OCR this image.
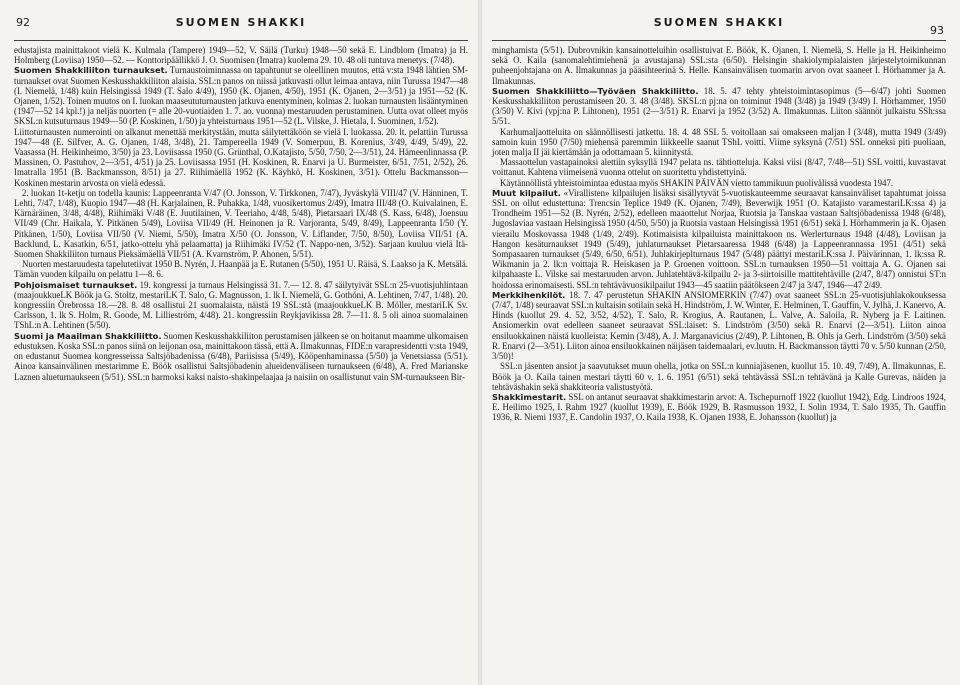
92	SUOMEN SHAKKI

edustajista mainittakoot vielä K. Kulmala (Tampere) 1949—52, V. Säilä (Turku) 1948—50 sekä E. Lindblom (Imatra) ja H. Holmberg (Loviisa) 1950—52. — Konttoripäällikkö J. O. Suomisen (Imatra) kuolema 29. 10. 48 oli tuntuva menetys. (7/48).

Suomen Shakkiliiton turnaukset. Turnaustoiminnassa on tapahtunut se oleellinen muutos, että v:sta 1948 lähtien SM-turnaukset ovat Suomen Keskusshakkiliiton alaisia. SSL:n panos on niissä jatkuvasti ollut leimaa antava, niin Turussa 1947—48 (I. Niemelä, 1/48) kuin Helsingissä 1949 (T. Salo 4/49), 1950 (K. Ojanen, 4/50), 1951 (K. Ojanen, 2—3/51) ja 1951—52 (K. Ojanen, 1/52). Toinen muutos on I. luokan maaseututurnausten jatkuva enentyminen, kolmas 2. luokan turnausten lisääntyminen (1947—52 14 kpl.!) ja neljäs nuorten (= alle 20-vuotiaiden 1. 7. ao. vuonna) mestaruuden perustaminen. Uutta ovat olleet myös SKSL:n kutsuturnaus 1949—50 (P. Koskinen, 1/50) ja yhteisturnaus 1951—52 (L. Vilske, J. Hietala, I. Suominen, 1/52).

Liittoturnausten numerointi on alkanut menettää merkitystään, mutta säilytettäköön se vielä I. luokassa. 20. lt. pelattiin Turussa 1947—48 (E. Silfver, A. G. Ojanen, 1/48, 3/48), 21. Tampereella 1949 (V. Somerpuu, B. Korenius, 3/49, 4/49, 5/49), 22. Vaasassa (H. Heikinheimo, 3/50) ja 23. Loviisassa 1950 (G. Grünthal, O.Katajisto, 5/50, 7/50, 2—3/51), 24. Hämeenlinnassa (P. Massinen, O. Pastuhov, 2—3/51, 4/51) ja 25. Loviisassa 1951 (H. Koskinen, R. Enarvi ja U. Burmeister, 6/51, 7/51, 2/52), 26. Imatralla 1951 (B. Backmansson, 8/51) ja 27. Riihimäellä 1952 (K. Käyhkö, H. Koskinen, 3/51). Ottelu Backmansson—Koskinen mestarin arvosta on vielä edessä.

2. luokan 1t-ketju on todella kaunis: Lappeenranta V/47 (O. Jonsson, V. Tirkkonen, 7/47), Jyväskylä VIII/47 (V. Hänninen, T. Lehti, 7/47, 1/48), Kuopio 1947—48 (H. Karjalainen, R. Puhakka, 1/48, vuosikertomus 2/49), Imatra III/48 (O. Kuivalainen, E. Kärnäräinen, 3/48, 4/48), Riihimäki V/48 (E. Juutilainen, V. Teeriaho, 4/48, 5/48), Pietarsaari IX/48 (S. Kass, 6/48), Joensuu VII/49 (Chr. Haikala, Y. Pitkänen 5/49), Loviisa VII/49 (H. Heinonen ja R. Varjoranta, 5/49, 8/49), Lappeenranta I/50 (Y. Pitkänen, 1/50), Loviisa VII/50 (V. Niemi, 5/50), Imatra X/50 (O. Jonsson, V. Liflander, 7/50, 8/50), Loviisa VII/51 (A. Backlund, L. Kasatkin, 6/51, jatko-ottelu yhä pelaamatta) ja Riihimäki IV/52 (T. Nappo-nen, 3/52). Sarjaan kuuluu vielä Itä-Suomen Shakkiliiton turnaus Pieksämäellä VII/51 (A. Kvarnström, P. Ahonen, 5/51).

Nuorten mestaruudesta tapelutetiivat 1950 B. Nyrén, J. Haanpää ja E. Rutanen (5/50), 1951 U. Räisä, S. Laakso ja K. Metsälä. Tämän vuoden kilpailu on pelattu 1—8. 6.

Pohjoismaiset turnaukset. 19. kongressi ja turnaus Helsingissä 31. 7.— 12. 8. 47 säilytyivät SSL:n 25-vuotisjuhlintaan (maajoukkueLK Böök ja G. Stoltz, mestariLK T. Salo, G. Magnusson, 1. lk I. Niemelä, G. Gothóni, A. Lehtinen, 7/47, 1/48). 20. kongressiin Örebrossa 18.—28. 8. 48 osallistui 21 suomalaista, näistä 19 SSL:stä (maajoukkueLK B. Möller, mestariLK Sv. Carlsson, 1. lk S. Holm, R. Goode, M. Lillieström, 4/48). 21. kongressiin Reykjavikissa 28. 7—11. 8. 5 oli ainoa suomalainen TShL:n A. Lehtinen (5/50).

Suomi ja Maailman Shakkiliitto. Suomen Keskusshakkiliiton perustamisen jälkeen se on hoitanut maamme ulkomaisen edustuksen. Koska SSL:n panos siinä on leijonan osa, mainittakoon tässä, että A. Ilmakunnas, FIDE:n varapresidentti v:sta 1949, on edustanut Suomea kongresseissa Saltsjöbadenissa (6/48), Pariisissa (5/49), Kööpenhaminassa (5/50) ja Venetsiassa (5/51). Ainoa kansainvälinen mestarimme E. Böök osallistui Saltsjöbadenin alueidenväliseen turnaukseen (6/48), A. Fred Marianske Laznen alueturnaukseen (5/51). SSL:n harmoksi kaksi naisto-shakinpelaajaa ja naisiin on osallistunut vain SM-turnaukseen Bir-

SUOMEN SHAKKI
93

minghamista (5/51). Dubrovnikin kansainotteluihin osallistuivat E. Böök, K. Ojanen, I. Niemelä, S. Helle ja H. Heikinheimo sekä O. Kaila (sanomalehtimiehenä ja avustajana) SSL:sta (6/50). Helsingin shakiolympialaisten järjestelytoimikunnan puheenjohtajana on A. Ilmakunnas ja pääsihteerinä S. Helle. Kansainvälisen tuomarin arvon ovat saaneet I. Hörhammer ja A. Ilmakunnas.

Suomen Shakkiliitto—Työväen Shakkiliitto. 18. 5. 47 tehty yhteistoimintasopimus (5—6/47) johti Suomen Keskusshakkiliiton perustamiseen 20. 3. 48 (3/48). SKSL:n pj:na on toiminut 1948 (3/48) ja 1949 (3/49) I. Hörhammer, 1950 (3/50) V. Kivi (vpj:na P. Lihtonen), 1951 (2—3/51) R. Enarvi ja 1952 (3/52) A. Ilmakunnas. Liiton säännöt julkaistu SSh:ssa 5/51.

Karhumaljaotteluita on säännöllisesti jatkettu. 18. 4. 48 SSL 5. voitollaan sai omakseen maljan I (3/48), mutta 1949 (3/49) samoin kuin 1950 (7/50) miehensä paremmin liikkeelle saanut TShL voitti. Viime syksynä (7/51) SSL onneksi piti puoliaan, joten malja II jäi kiertämään ja odottamaan 5. kiinnitystä.

Massaottelun vastapainoksi alettiin syksyllä 1947 pelata ns. tähtiotteluja. Kaksi viisi (8/47, 7/48—51) SSL voitti, kuvastavat voittanut. Kahtena viimeisenä vuonna ottelut on suoritettu yhdistettyinä.

Käytännöllistä yhteistoimintaa edustaa myös SHAKIN PÄIVÄN vietto tammikuun puolivälissä vuodesta 1947.

Muut kilpailut. «Virallisten» kilpailujen lisäksi sisällytyvät 5-vuotiskauteemme seuraavat kansainväliset tapahtumat joissa SSL on ollut edustettuna: Trencsin Teplice 1949 (K. Ojanen, 7/49), Beverwijk 1951 (O. Katajisto varamestariLK:ssa 4) ja Trondheim 1951—52 (B. Nyrén, 2/52), edelleen maaottelut Norjaa, Ruotsia ja Tanskaa vastaan Saltsjöbadenissa 1948 (6/48), Jugoslaviaa vastaan Helsingissä 1950 (4/50, 5/50) ja Ruotsia vastaan Helsingissä 1951 (6/51) sekä I. Hörhammerin ja K. Ojasen vierailu Moskovassa 1948 (1/49, 2/49). Kotimaisista kilpailuista mainittakoon ns. Werlerturnaus 1948 (4/48), Loviisan ja Hangon kesäturnaukset 1949 (5/49), juhlaturnaukset Pietarsaaressa 1948 (6/48) ja Lappeenrannassa 1951 (4/51) sekä Sompasaaren turnaukset (5/49, 6/50, 6/51). Juhlakirjeplturnaus 1947 (5/48) päättyi mestariLK:ssa J. Päivärinnan, 1. lk:ssa R. Wikmanin ja 2. lk:n voittaja R. Heiskasen ja P. Groenen voittoon. SSL:n turnauksen 1950—51 voittaja A. G. Ojanen sai kilpahaaste L. Vilske sai mestaruuden arvon. Juhlatehtävä-kilpailu 2- ja 3-siirtoisille mattitehtäville (2/47, 8/47) onnistui ST:n hoidossa erinomaisesti. SSL:n tehtävävuosikilpailut 1943—45 saatiin päätökseen 2/47 ja 3/47, 1946—47 2/49.

Merkkihenkilöt. 18. 7. 47 perustetun SHAKIN ANSIOMERKIN (7/47) ovat saaneet SSL:n 25-vuotisjuhlakokouksessa (7/47, 1/48) seuraavat SSL:n kultaisin sotilain sekä H. Hindström, J. W. Winter, E. Helminen, T. Gauffin, V. Jylhä, J. Kanervo, A. Hinds (kuollut 29. 4. 52, 3/52, 4/52), T. Salo, R. Krogius, A. Rautanen, L. Valve, A. Saloila, R. Nyberg ja F. Laitinen. Ansiomerkin ovat edelleen saaneet seuraavat SSL:laiset: S. Lindström (3/50) sekä R. Enarvi (2—3/51). Liiton ainoa ensiluokkainen näistä kuolleista: Kemin (3/48), A. J. Marganavicius (2/49), P. Lihtonen, B. Ohls ja Gerh. Lindström (3/50) sekä R. Enarvi (2—3/51). Liiton ainoa ensiluokkainen näijäsen taidemaalari, ev.luutn. H. Backmansson täytti 70 v. 5/50 kunnan (2/50, 3/50)!

SSL:n jäsenten ansiot ja saavutukset muun ohella, jotka on SSL:n kunniajäsenen, kuollut 15. 10. 49, 7/49), A. Ilmakunnas, E. Böök ja O. Kaila tainen mestari täytti 60 v. 1. 6. 1951 (6/51) sekä tehtävässä SSL:n tehtävänä ja Kalle Gurevas, näiden ja tehtäväshakin sekä shakkiteoria valistustyötä.

Shakkimestarit. SSL on antanut seuraavat shakkimestarin arvot: A. Tschepurnoff 1922 (kuollut 1942), Edg. Lindroos 1924, E. Heilimo 1925, I. Rahm 1927 (kuollut 1939), E. Böök 1929, B. Rasmusson 1932, I. Solin 1934, T. Salo 1935, Th. Gauffin 1936, R. Niemi 1937, E. Candolin 1937, O. Kaila 1938, K. Ojanen 1938, E. Johansson (kuollut) ja
